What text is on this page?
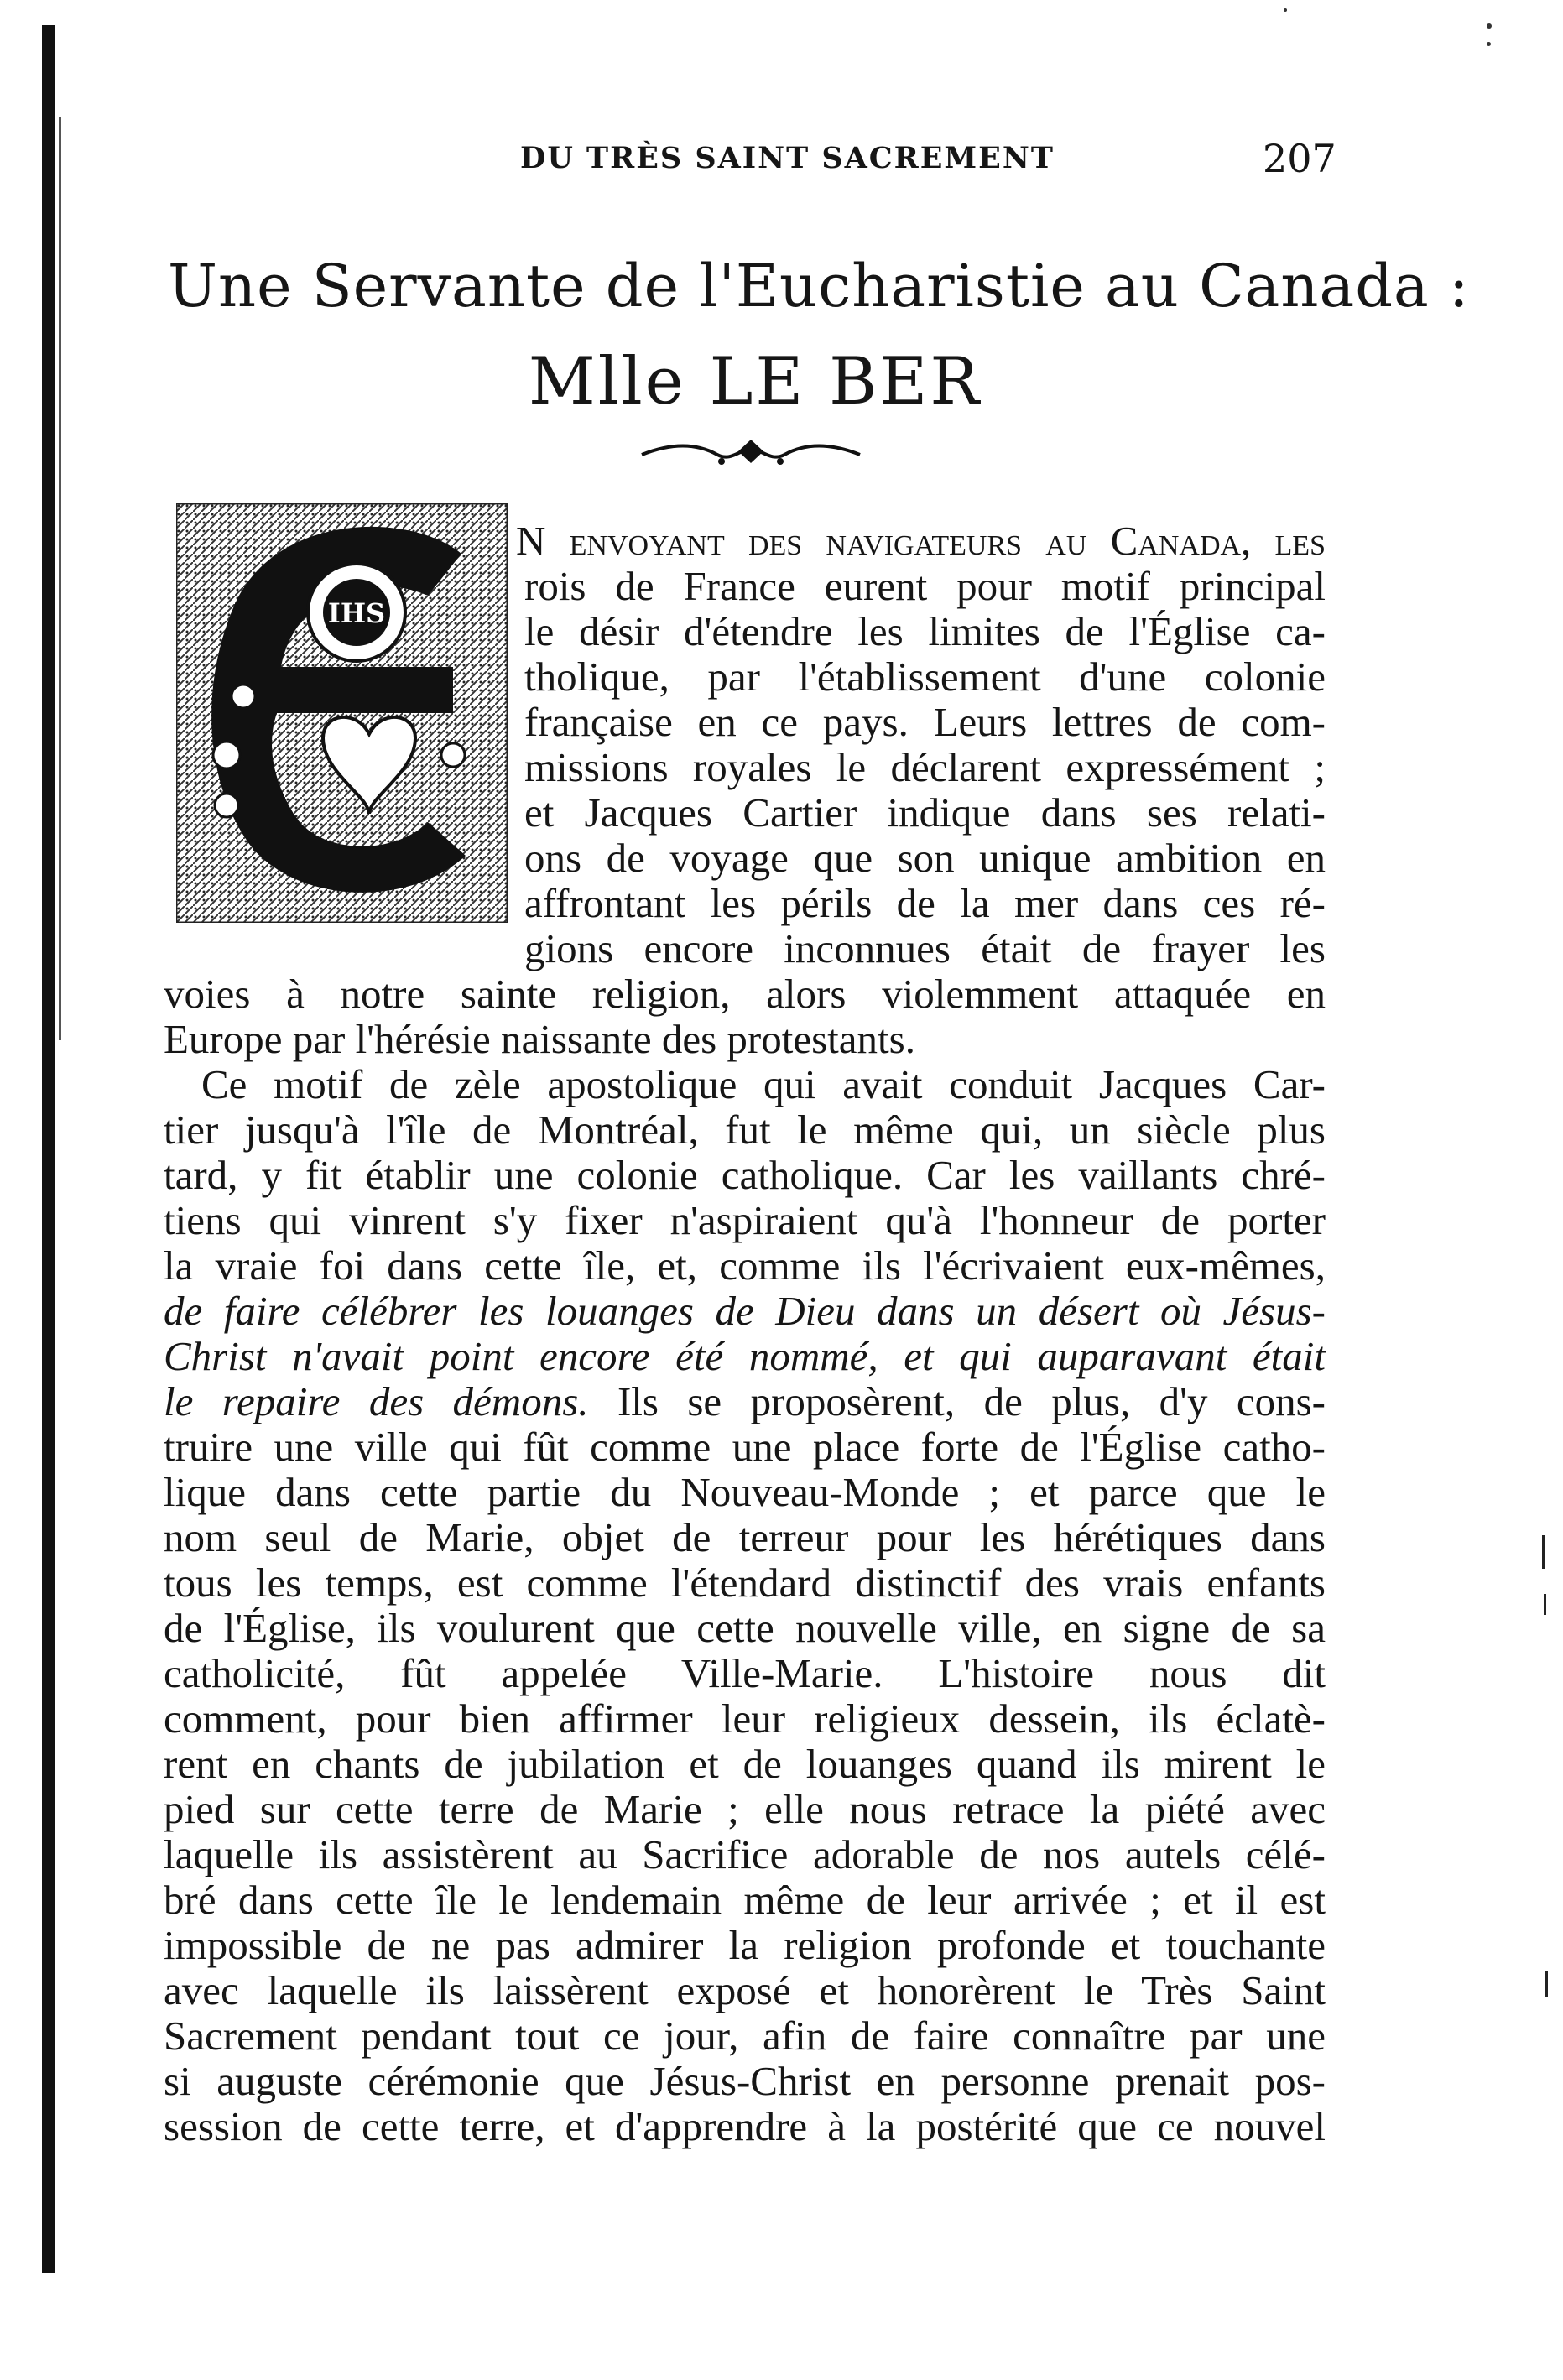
DU TRÈS SAINT SACREMENT	207
Une Servante de l'Eucharistie au Canada :
Mlle LE BER
IHS
N envoyant des navigateurs au Canada, les
rois de France eurent pour motif principal
le désir d'étendre les limites de l'Église ca-
tholique, par l'établissement d'une colonie
française en ce pays. Leurs lettres de com-
missions royales le déclarent expressément ;
et Jacques Cartier indique dans ses relati-
ons de voyage que son unique ambition en
affrontant les périls de la mer dans ces ré-
gions encore inconnues était de frayer les
voies à notre sainte religion, alors violemment attaquée en
Europe par l'hérésie naissante des protestants.
Ce motif de zèle apostolique qui avait conduit Jacques Car-
tier jusqu'à l'île de Montréal, fut le même qui, un siècle plus
tard, y fit établir une colonie catholique. Car les vaillants chré-
tiens qui vinrent s'y fixer n'aspiraient qu'à l'honneur de porter
la vraie foi dans cette île, et, comme ils l'écrivaient eux-mêmes,
de faire célébrer les louanges de Dieu dans un désert où Jésus-
Christ n'avait point encore été nommé, et qui auparavant était
le repaire des démons. Ils se proposèrent, de plus, d'y cons-
truire une ville qui fût comme une place forte de l'Église catho-
lique dans cette partie du Nouveau-Monde ; et parce que le
nom seul de Marie, objet de terreur pour les hérétiques dans
tous les temps, est comme l'étendard distinctif des vrais enfants
de l'Église, ils voulurent que cette nouvelle ville, en signe de sa
catholicité, fût appelée Ville-Marie. L'histoire nous dit
comment, pour bien affirmer leur religieux dessein, ils éclatè-
rent en chants de jubilation et de louanges quand ils mirent le
pied sur cette terre de Marie ; elle nous retrace la piété avec
laquelle ils assistèrent au Sacrifice adorable de nos autels célé-
bré dans cette île le lendemain même de leur arrivée ; et il est
impossible de ne pas admirer la religion profonde et touchante
avec laquelle ils laissèrent exposé et honorèrent le Très Saint
Sacrement pendant tout ce jour, afin de faire connaître par une
si auguste cérémonie que Jésus-Christ en personne prenait pos-
session de cette terre, et d'apprendre à la postérité que ce nouvel
